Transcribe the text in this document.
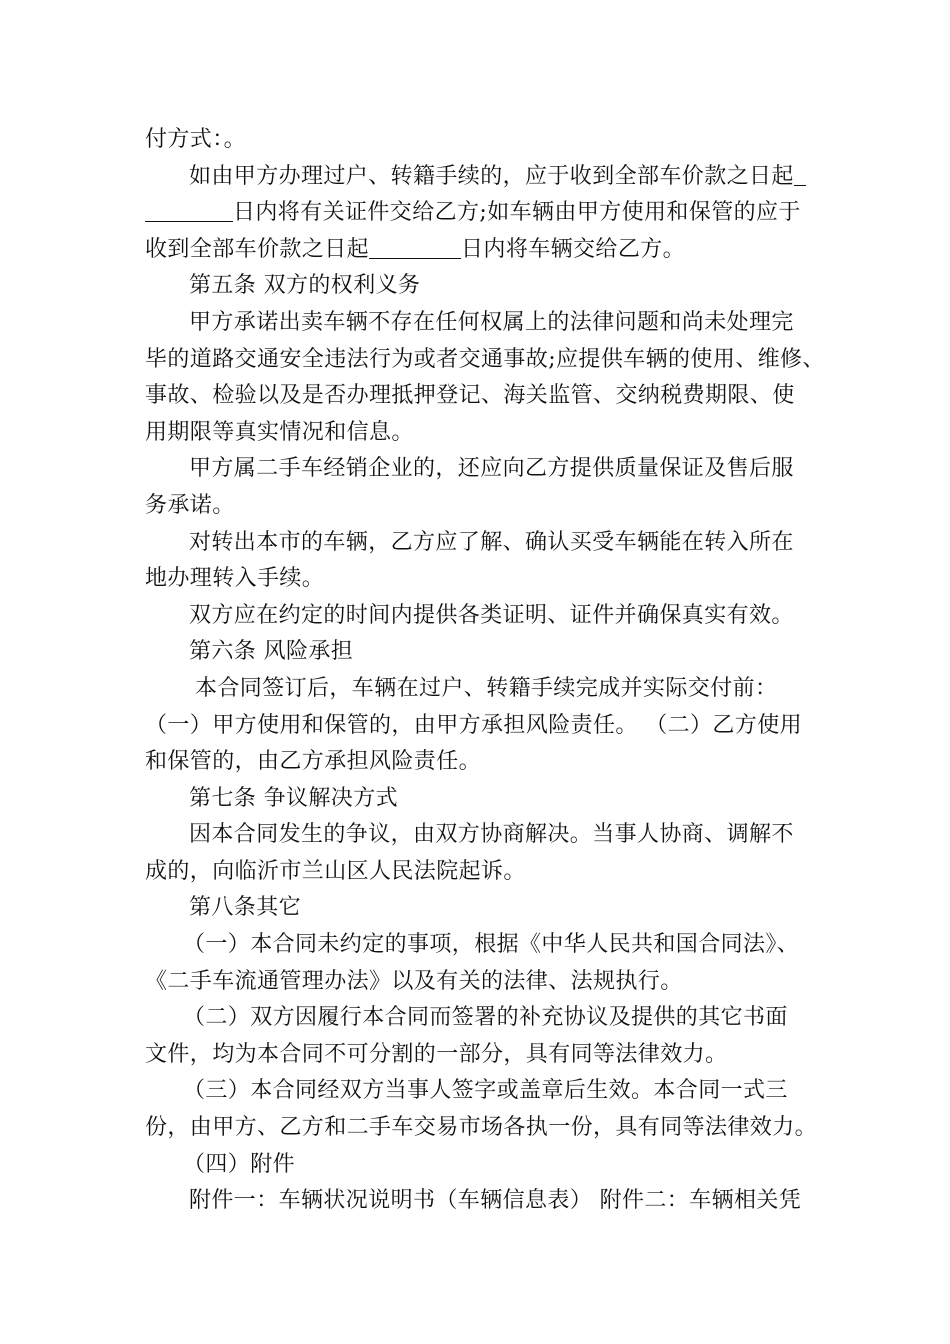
付方式：。
如由甲方办理过户、转籍手续的，应于收到全部车价款之日起
日内将有关证件交给乙方;如车辆由甲方使用和保管的应于
收到全部车价款之日起	日内将车辆交给乙方。
第五条 双方的权利义务
甲方承诺出卖车辆不存在任何权属上的法律问题和尚未处理完
毕的道路交通安全违法行为或者交通事故;应提供车辆的使用、维修、
事故、检验以及是否办理抵押登记、海关监管、交纳税费期限、使
用期限等真实情况和信息。
甲方属二手车经销企业的，还应向乙方提供质量保证及售后服
务承诺。
对转出本市的车辆，乙方应了解、确认买受车辆能在转入所在
地办理转入手续。
双方应在约定的时间内提供各类证明、证件并确保真实有效。
第六条 风险承担
本合同签订后，车辆在过户、转籍手续完成并实际交付前：
（一）甲方使用和保管的，由甲方承担风险责任。 （二）乙方使用
和保管的，由乙方承担风险责任。
第七条 争议解决方式
因本合同发生的争议，由双方协商解决。当事人协商、调解不
成的，向临沂市兰山区人民法院起诉。
第八条其它
（一）本合同未约定的事项，根据《中华人民共和国合同法》、
《二手车流通管理办法》以及有关的法律、法规执行。
（二）双方因履行本合同而签署的补充协议及提供的其它书面
文件，均为本合同不可分割的一部分，具有同等法律效力。
（三）本合同经双方当事人签字或盖章后生效。本合同一式三
份，由甲方、乙方和二手车交易市场各执一份，具有同等法律效力。
（四）附件
附件一：车辆状况说明书（车辆信息表） 附件二：车辆相关凭
